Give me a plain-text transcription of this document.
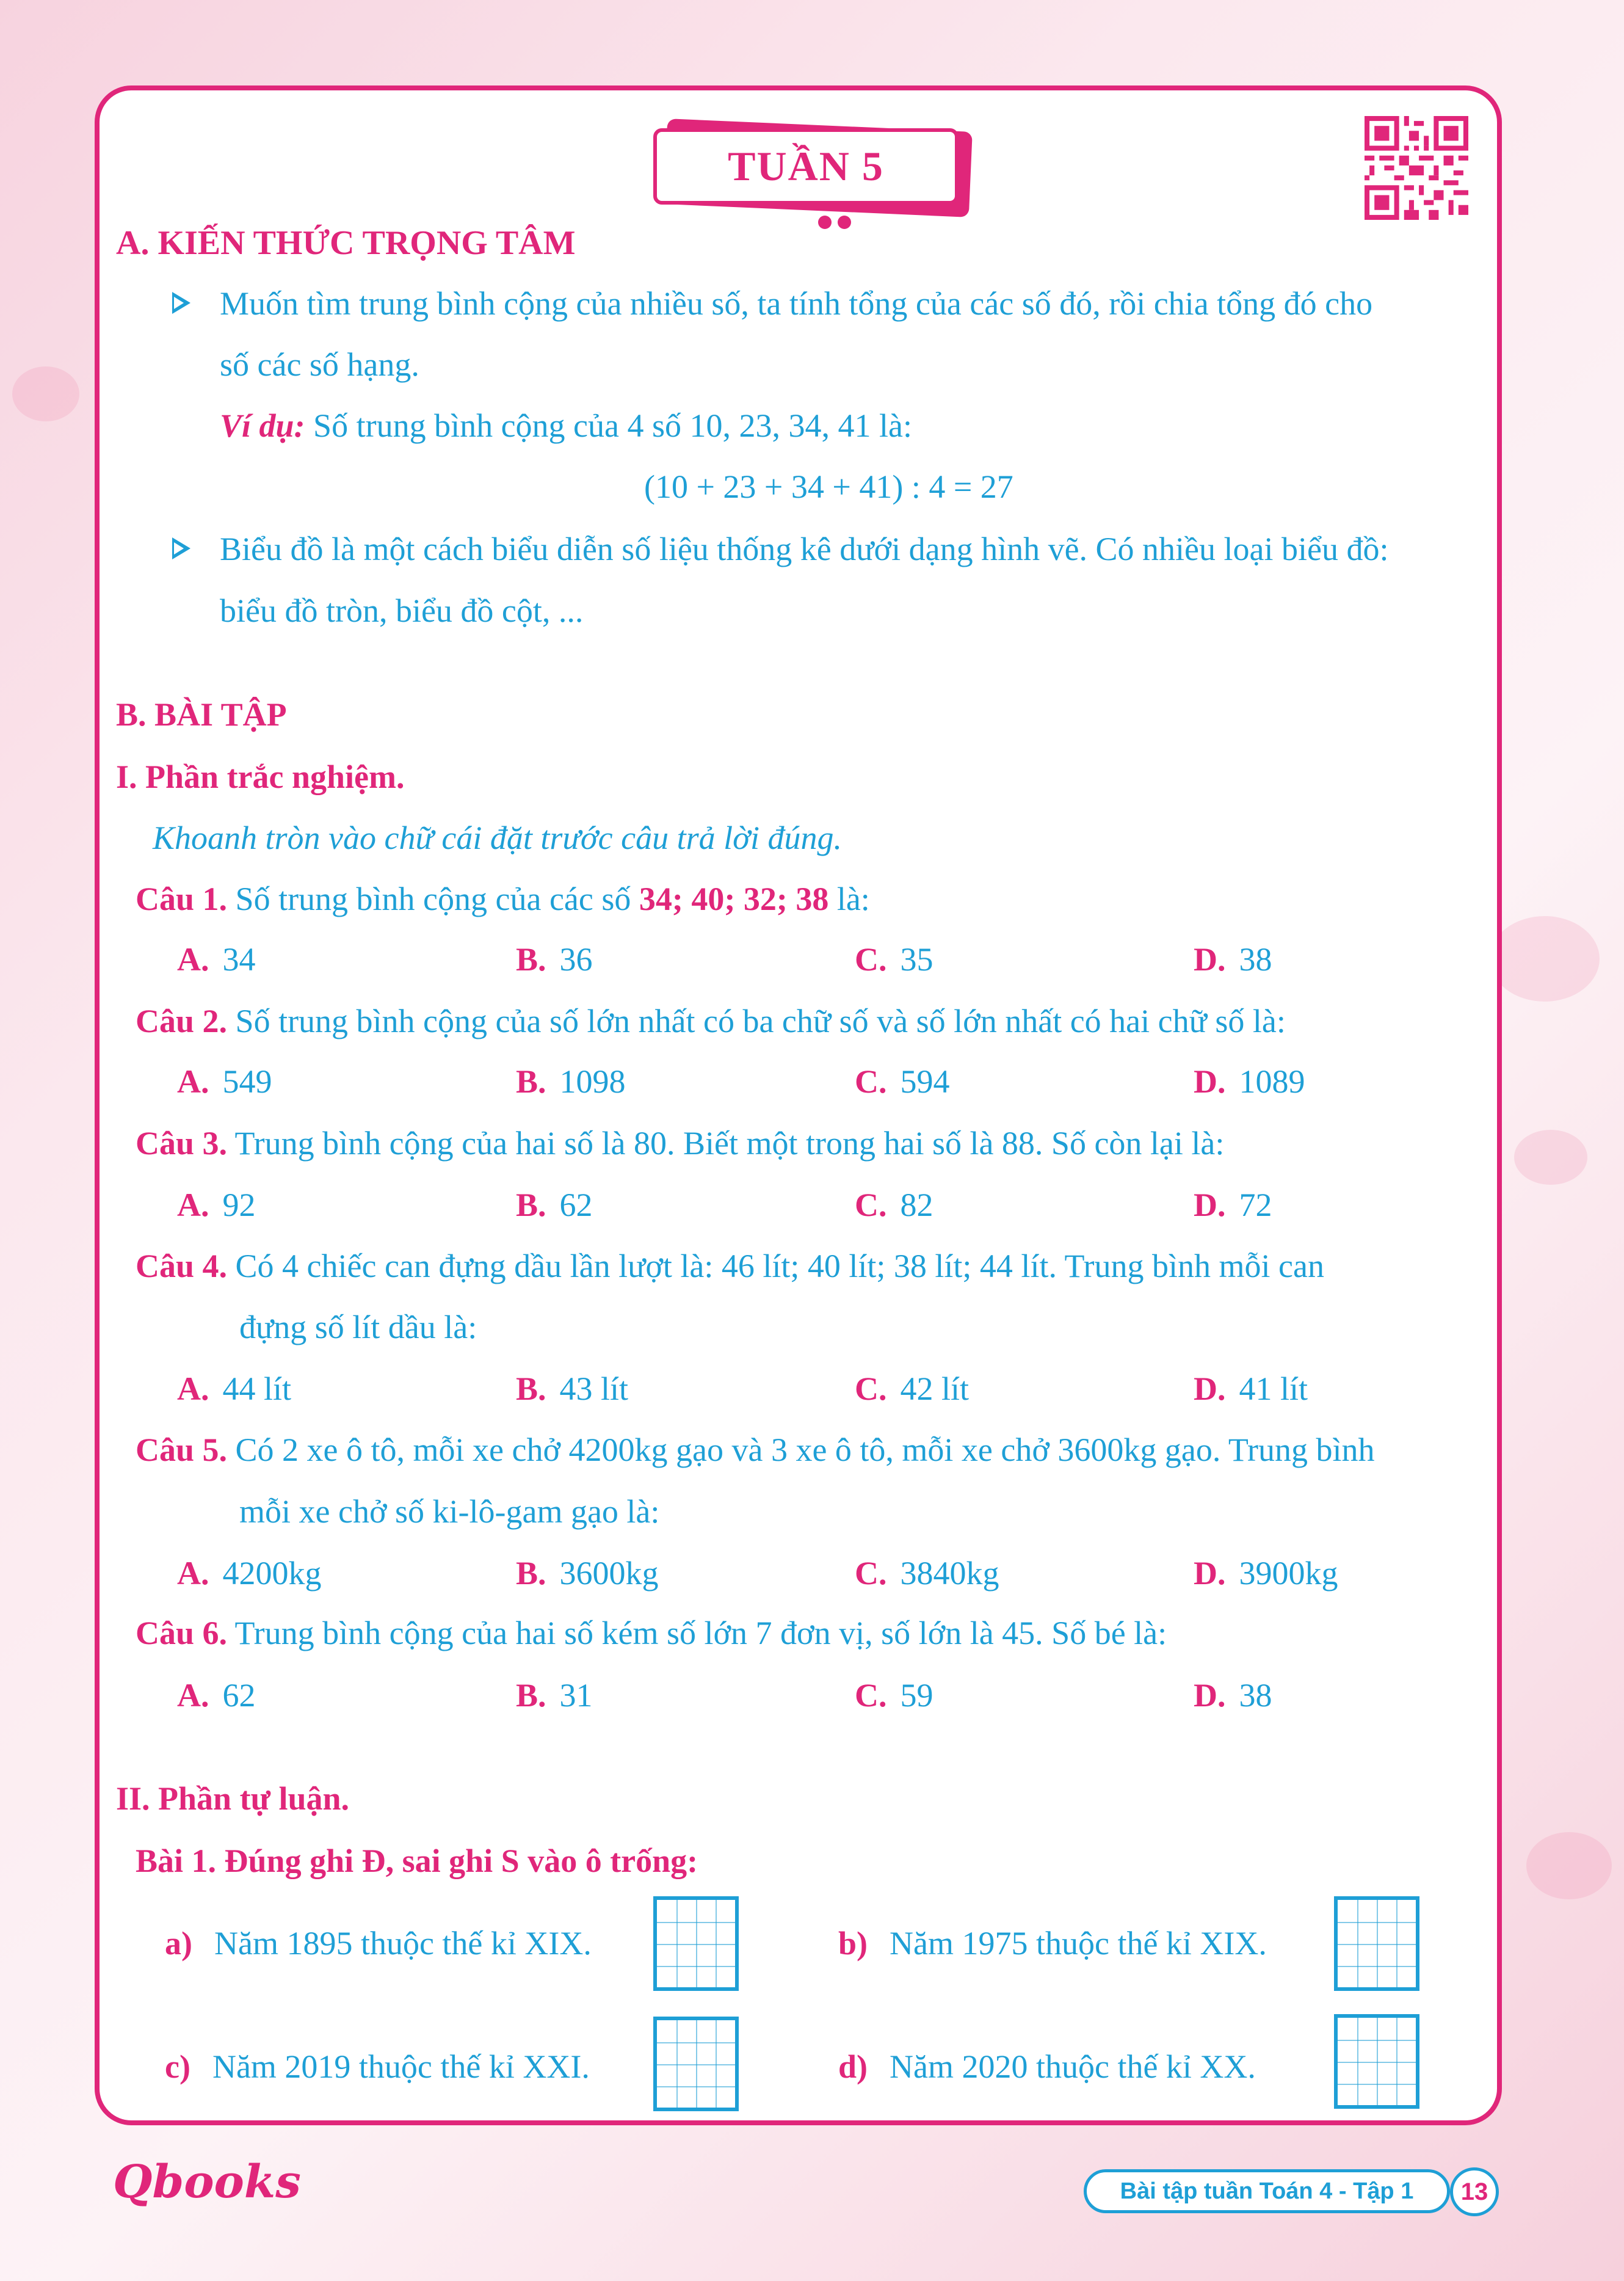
TUẦN 5
A. KIẾN THỨC TRỌNG TÂM
Muốn tìm trung bình cộng của nhiều số, ta tính tổng của các số đó, rồi chia tổng đó cho
số các số hạng.
Ví dụ: Số trung bình cộng của 4 số 10, 23, 34, 41 là:
(10 + 23 + 34 + 41) : 4 = 27
Biểu đồ là một cách biểu diễn số liệu thống kê dưới dạng hình vẽ. Có nhiều loại biểu đồ:
biểu đồ tròn, biểu đồ cột, ...
B. BÀI TẬP
I. Phần trắc nghiệm.
Khoanh tròn vào chữ cái đặt trước câu trả lời đúng.
Câu 1. Số trung bình cộng của các số 34; 40; 32; 38 là:
A. 34	B. 36	C. 35	D. 38
Câu 2. Số trung bình cộng của số lớn nhất có ba chữ số và số lớn nhất có hai chữ số là:
A. 549	B. 1098	C. 594	D. 1089
Câu 3. Trung bình cộng của hai số là 80. Biết một trong hai số là 88. Số còn lại là:
A. 92	B. 62	C. 82	D. 72
Câu 4. Có 4 chiếc can đựng dầu lần lượt là: 46 lít; 40 lít; 38 lít; 44 lít. Trung bình mỗi can
đựng số lít dầu là:
A. 44 lít	B. 43 lít	C. 42 lít	D. 41 lít
Câu 5. Có 2 xe ô tô, mỗi xe chở 4200kg gạo và 3 xe ô tô, mỗi xe chở 3600kg gạo. Trung bình
mỗi xe chở số ki-lô-gam gạo là:
A. 4200kg	B. 3600kg	C. 3840kg	D. 3900kg
Câu 6. Trung bình cộng của hai số kém số lớn 7 đơn vị, số lớn là 45. Số bé là:
A. 62	B. 31	C. 59	D. 38
II. Phần tự luận.
Bài 1. Đúng ghi Đ, sai ghi S vào ô trống:
a) Năm 1895 thuộc thế kỉ XIX.	b) Năm 1975 thuộc thế kỉ XIX.
c) Năm 2019 thuộc thế kỉ XXI.	d) Năm 2020 thuộc thế kỉ XX.
Qbooks	Bài tập tuần Toán 4 - Tập 1	13
